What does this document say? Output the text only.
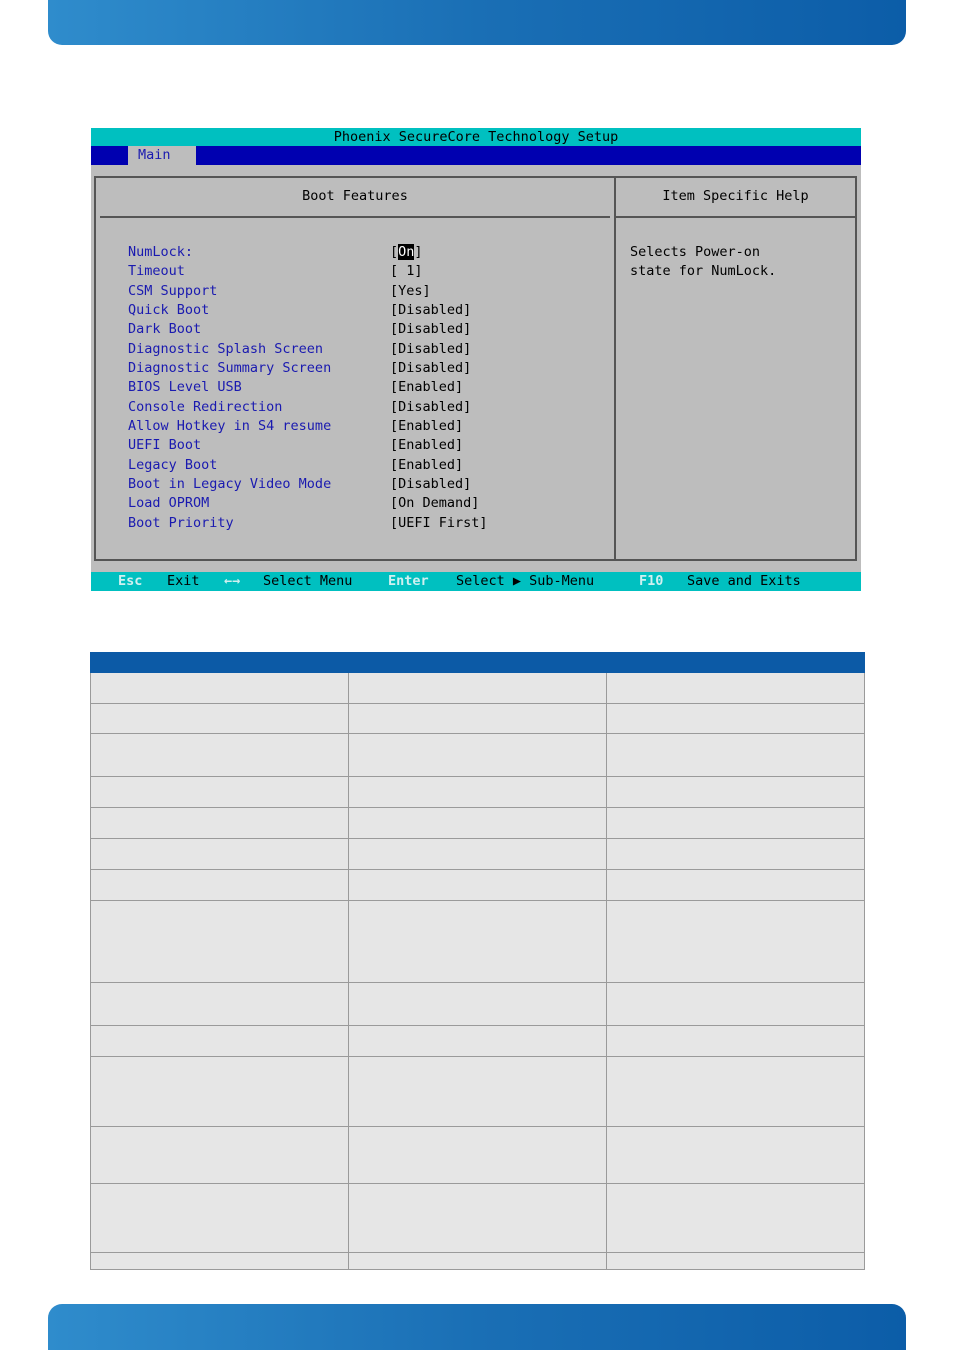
Phoenix SecureCore Technology Setup
Main
Boot Features	Item Specific Help

Esc

Exit

←→

Select Menu

	Enter

Select ▶ Sub-Menu

	F10

Save and Exits

NumLock:	[On]
Timeout	[ 1]
CSM Support	[Yes]
Quick Boot	[Disabled]
Dark Boot	[Disabled]
Diagnostic Splash Screen	[Disabled]
Diagnostic Summary Screen	[Disabled]
BIOS Level USB	[Enabled]
Console Redirection	[Disabled]
Allow Hotkey in S4 resume	[Enabled]
UEFI Boot	[Enabled]
Legacy Boot	[Enabled]
Boot in Legacy Video Mode	[Disabled]
Load OPROM	[On Demand]
Boot Priority	[UEFI First]
Selects Power-on
state for NumLock.
